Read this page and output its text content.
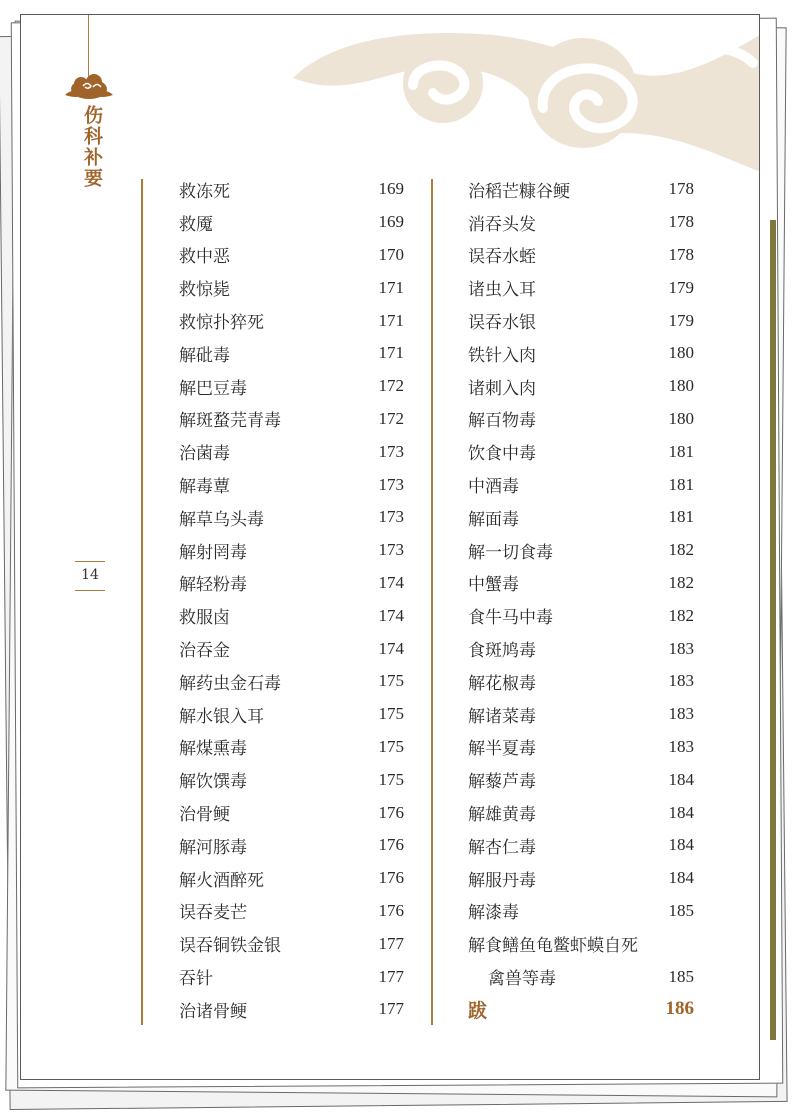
伤科补要
14
救冻死	169
救魇	169
救中恶	170
救惊毙	171
救惊扑猝死	171
解砒毒	171
解巴豆毒	172
解斑蝥芫青毒	172
治菌毒	173
解毒蕈	173
解草乌头毒	173
解射罔毒	173
解轻粉毒	174
救服卤	174
治吞金	174
解药虫金石毒	175
解水银入耳	175
解煤熏毒	175
解饮馔毒	175
治骨鲠	176
解河豚毒	176
解火酒醉死	176
误吞麦芒	176
误吞铜铁金银	177
吞针	177
治诸骨鲠	177
治稻芒糠谷鲠	178
消吞头发	178
误吞水蛭	178
诸虫入耳	179
误吞水银	179
铁针入肉	180
诸刺入肉	180
解百物毒	180
饮食中毒	181
中酒毒	181
解面毒	181
解一切食毒	182
中蟹毒	182
食牛马中毒	182
食斑鸠毒	183
解花椒毒	183
解诸菜毒	183
解半夏毒	183
解藜芦毒	184
解雄黄毒	184
解杏仁毒	184
解服丹毒	184
解漆毒	185
解食鳝鱼龟鳖虾蟆自死
禽兽等毒	185
跋	186
